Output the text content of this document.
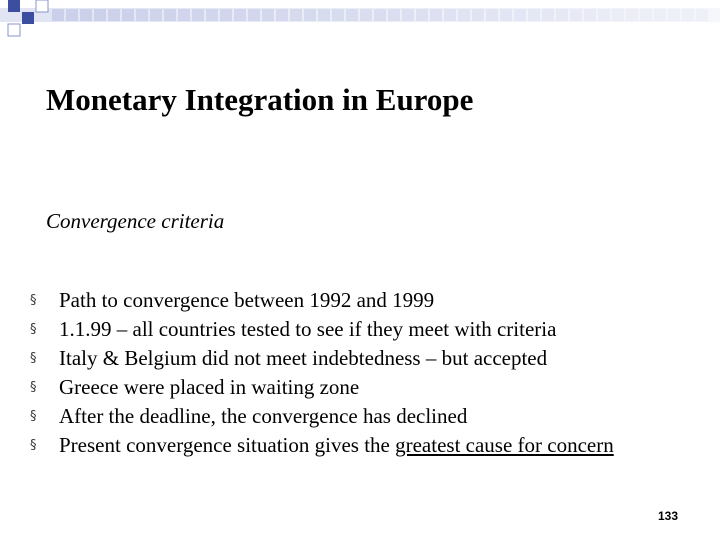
Monetary Integration in Europe

Convergence criteria

§ Path to convergence between 1992 and 1999
§ 1.1.99 – all countries tested to see if they meet with criteria
§ Italy & Belgium did not meet indebtedness – but accepted
§ Greece were placed in waiting zone
§ After the deadline, the convergence has declined
§ Present convergence situation gives the greatest cause for concern
133
